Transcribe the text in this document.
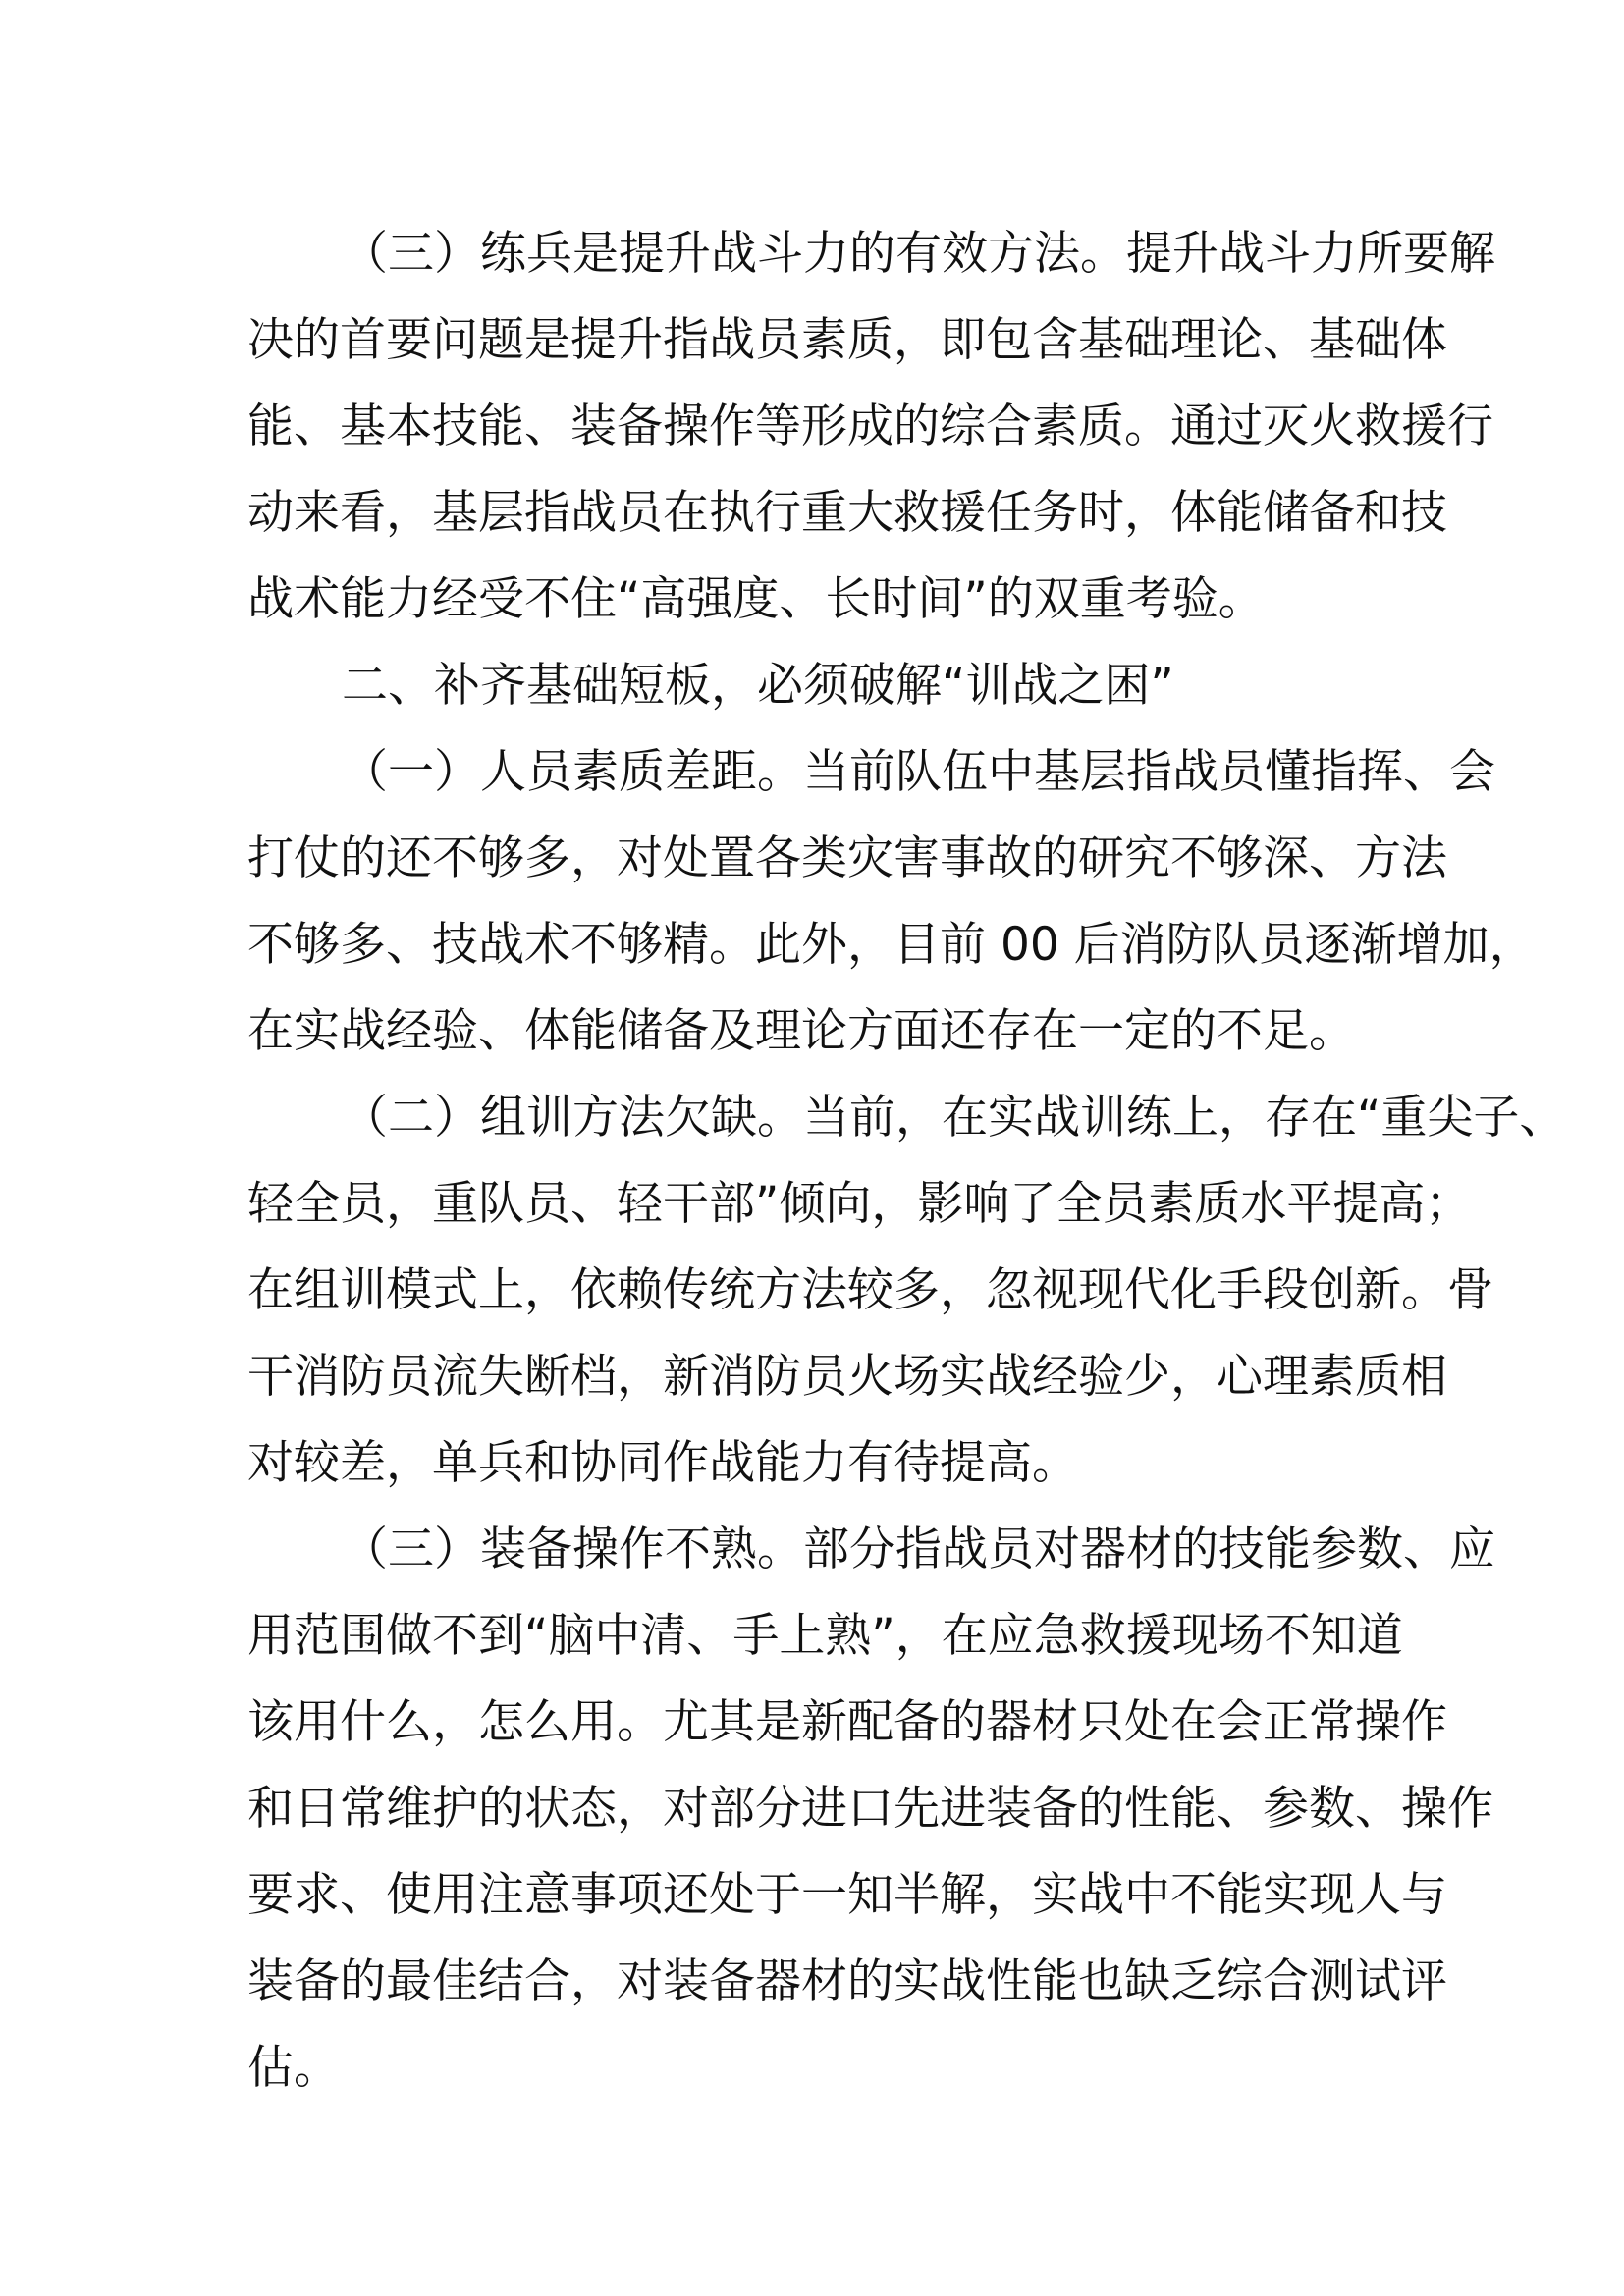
（三）练兵是提升战斗力的有效方法。提升战斗力所要解
决的首要问题是提升指战员素质，即包含基础理论、基础体
能、基本技能、装备操作等形成的综合素质。通过灭火救援行
动来看，基层指战员在执行重大救援任务时，体能储备和技
战术能力经受不住“高强度、长时间”的双重考验。
二、补齐基础短板，必须破解“训战之困”
（一）人员素质差距。当前队伍中基层指战员懂指挥、会
打仗的还不够多，对处置各类灾害事故的研究不够深、方法
不够多、技战术不够精。此外，目前 00 后消防队员逐渐增加，
在实战经验、体能储备及理论方面还存在一定的不足。
（二）组训方法欠缺。当前，在实战训练上，存在“重尖子、
轻全员，重队员、轻干部”倾向，影响了全员素质水平提高；
在组训模式上，依赖传统方法较多，忽视现代化手段创新。骨
干消防员流失断档，新消防员火场实战经验少，心理素质相
对较差，单兵和协同作战能力有待提高。
（三）装备操作不熟。部分指战员对器材的技能参数、应
用范围做不到“脑中清、手上熟”，在应急救援现场不知道
该用什么，怎么用。尤其是新配备的器材只处在会正常操作
和日常维护的状态，对部分进口先进装备的性能、参数、操作
要求、使用注意事项还处于一知半解，实战中不能实现人与
装备的最佳结合，对装备器材的实战性能也缺乏综合测试评
估。
